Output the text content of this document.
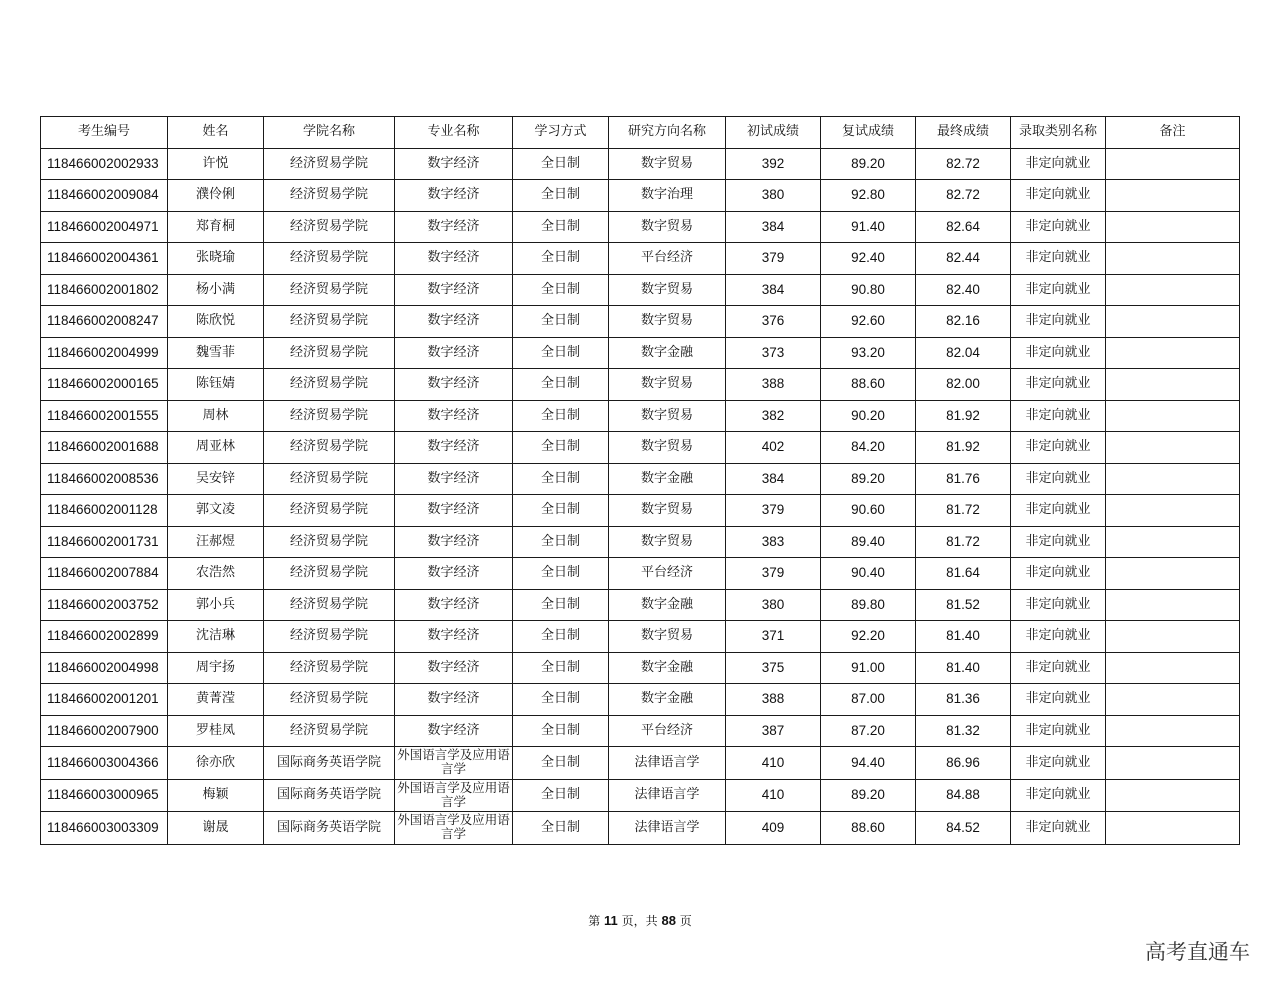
考生编号	姓名	学院名称	专业名称	学习方式	研究方向名称	初试成绩	复试成绩	最终成绩	录取类别名称	备注
118466002002933	许悦	经济贸易学院	数字经济	全日制	数字贸易	392	89.20	82.72	非定向就业	
118466002009084	濮伶俐	经济贸易学院	数字经济	全日制	数字治理	380	92.80	82.72	非定向就业	
118466002004971	郑育桐	经济贸易学院	数字经济	全日制	数字贸易	384	91.40	82.64	非定向就业	
118466002004361	张晓瑜	经济贸易学院	数字经济	全日制	平台经济	379	92.40	82.44	非定向就业	
118466002001802	杨小满	经济贸易学院	数字经济	全日制	数字贸易	384	90.80	82.40	非定向就业	
118466002008247	陈欣悦	经济贸易学院	数字经济	全日制	数字贸易	376	92.60	82.16	非定向就业	
118466002004999	魏雪菲	经济贸易学院	数字经济	全日制	数字金融	373	93.20	82.04	非定向就业	
118466002000165	陈钰婧	经济贸易学院	数字经济	全日制	数字贸易	388	88.60	82.00	非定向就业	
118466002001555	周林	经济贸易学院	数字经济	全日制	数字贸易	382	90.20	81.92	非定向就业	
118466002001688	周亚林	经济贸易学院	数字经济	全日制	数字贸易	402	84.20	81.92	非定向就业	
118466002008536	吴安锌	经济贸易学院	数字经济	全日制	数字金融	384	89.20	81.76	非定向就业	
118466002001128	郭文凌	经济贸易学院	数字经济	全日制	数字贸易	379	90.60	81.72	非定向就业	
118466002001731	汪郝煜	经济贸易学院	数字经济	全日制	数字贸易	383	89.40	81.72	非定向就业	
118466002007884	农浩然	经济贸易学院	数字经济	全日制	平台经济	379	90.40	81.64	非定向就业	
118466002003752	郭小兵	经济贸易学院	数字经济	全日制	数字金融	380	89.80	81.52	非定向就业	
118466002002899	沈洁琳	经济贸易学院	数字经济	全日制	数字贸易	371	92.20	81.40	非定向就业	
118466002004998	周宇扬	经济贸易学院	数字经济	全日制	数字金融	375	91.00	81.40	非定向就业	
118466002001201	黄菁滢	经济贸易学院	数字经济	全日制	数字金融	388	87.00	81.36	非定向就业	
118466002007900	罗桂凤	经济贸易学院	数字经济	全日制	平台经济	387	87.20	81.32	非定向就业	
118466003004366	徐亦欣	国际商务英语学院	外国语言学及应用语言学	全日制	法律语言学	410	94.40	86.96	非定向就业	
118466003000965	梅颖	国际商务英语学院	外国语言学及应用语言学	全日制	法律语言学	410	89.20	84.88	非定向就业	
118466003003309	谢晟	国际商务英语学院	外国语言学及应用语言学	全日制	法律语言学	409	88.60	84.52	非定向就业	
第 11 页，共 88 页
高考直通车
